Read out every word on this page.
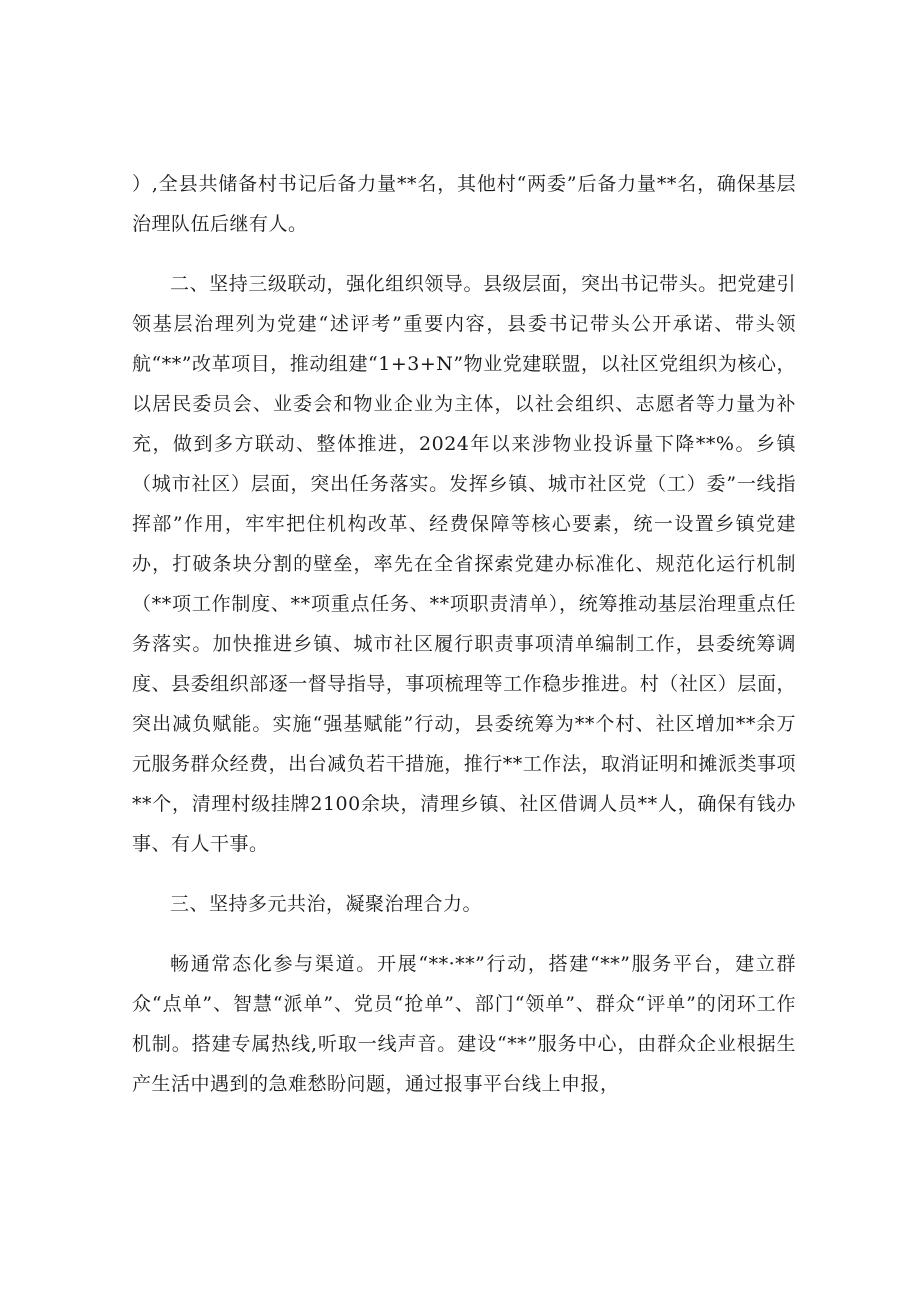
）,全县共储备村书记后备力量**名，其他村“两委”后备力量**名，确保基层治理队伍后继有人。

二、坚持三级联动，强化组织领导。县级层面，突出书记带头。把党建引领基层治理列为党建“述评考”重要内容，县委书记带头公开承诺、带头领航“**”改革项目，推动组建“1+3+N”物业党建联盟，以社区党组织为核心，以居民委员会、业委会和物业企业为主体，以社会组织、志愿者等力量为补充，做到多方联动、整体推进，2024年以来涉物业投诉量下降**%。乡镇（城市社区）层面，突出任务落实。发挥乡镇、城市社区党（工）委”一线指挥部”作用，牢牢把住机构改革、经费保障等核心要素，统一设置乡镇党建办，打破条块分割的壁垒，率先在全省探索党建办标准化、规范化运行机制（**项工作制度、**项重点任务、**项职责清单），统筹推动基层治理重点任务落实。加快推进乡镇、城市社区履行职责事项清单编制工作，县委统筹调度、县委组织部逐一督导指导，事项梳理等工作稳步推进。村（社区）层面，突出减负赋能。实施“强基赋能”行动，县委统筹为**个村、社区增加**余万元服务群众经费，出台减负若干措施，推行**工作法，取消证明和摊派类事项**个，清理村级挂牌2100余块，清理乡镇、社区借调人员**人，确保有钱办事、有人干事。

三、坚持多元共治，凝聚治理合力。

畅通常态化参与渠道。开展“**·**”行动，搭建“**”服务平台，建立群众“点单”、智慧“派单”、党员“抢单”、部门“领单”、群众“评单”的闭环工作机制。搭建专属热线,听取一线声音。建设“**”服务中心，由群众企业根据生产生活中遇到的急难愁盼问题，通过报事平台线上申报，
